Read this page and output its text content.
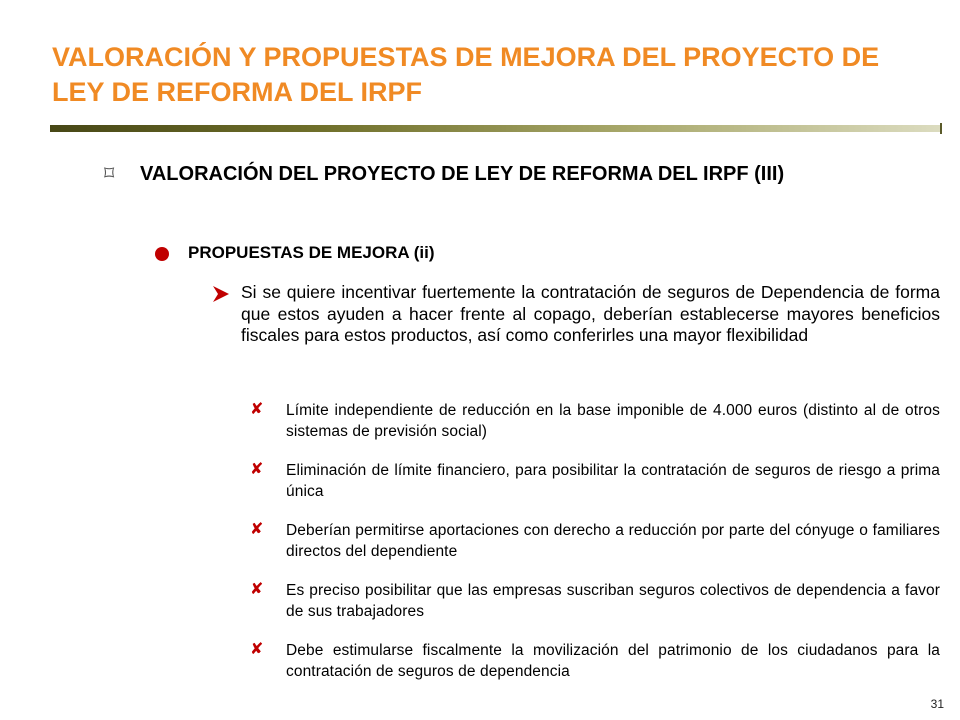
VALORACIÓN Y PROPUESTAS DE MEJORA DEL PROYECTO DE LEY DE REFORMA DEL IRPF
⌑	VALORACIÓN DEL PROYECTO DE LEY DE REFORMA DEL IRPF (III)
PROPUESTAS DE MEJORA (ii)
Si se quiere incentivar fuertemente la contratación de seguros de Dependencia de forma que estos ayuden a hacer frente al copago, deberían establecerse mayores beneficios fiscales para estos productos, así como conferirles una mayor flexibilidad
✘	Límite independiente de reducción en la base imponible de 4.000 euros (distinto al de otros sistemas de previsión social)
✘	Eliminación de límite financiero, para posibilitar la contratación de seguros de riesgo a prima única
✘	Deberían permitirse aportaciones con derecho a reducción por parte del cónyuge o familiares directos del dependiente
✘	Es preciso posibilitar que las empresas suscriban seguros colectivos de dependencia a favor de sus trabajadores
✘	Debe estimularse fiscalmente la movilización del patrimonio de los ciudadanos para la contratación de seguros de dependencia
31
